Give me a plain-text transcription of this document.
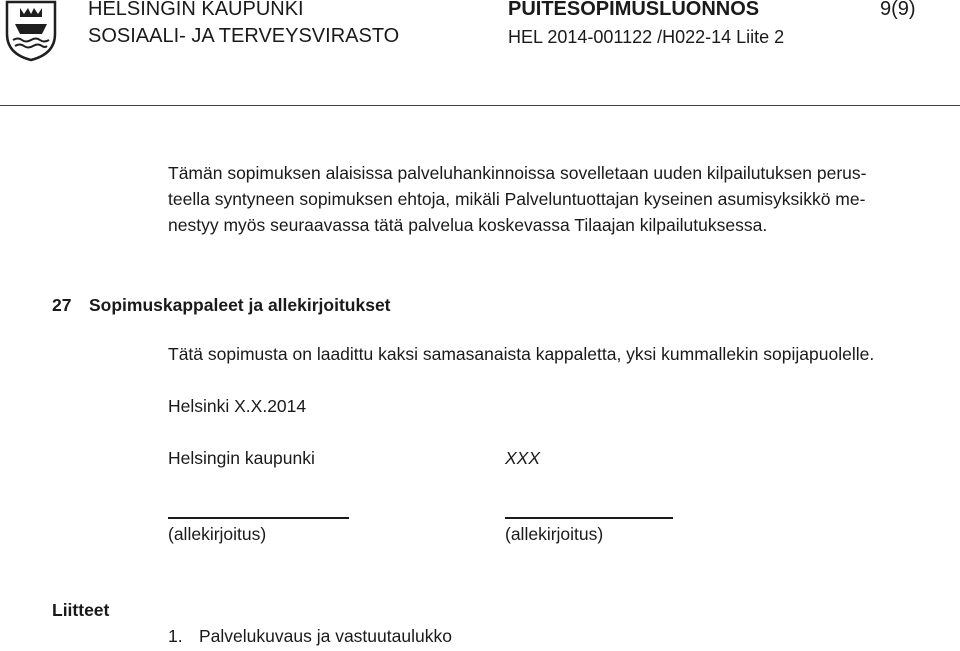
HELSINGIN KAUPUNKI
SOSIAALI- JA TERVEYSVIRASTO
PUITESOPIMUSLUONNOS
HEL 2014-001122 /H022-14 Liite 2
9(9)
Tämän sopimuksen alaisissa palveluhankinnoissa sovelletaan uuden kilpailutuksen perus-
teella syntyneen sopimuksen ehtoja, mikäli Palveluntuottajan kyseinen asumisyksikkö me-
nestyy myös seuraavassa tätä palvelua koskevassa Tilaajan kilpailutuksessa.
27 Sopimuskappaleet ja allekirjoitukset
Tätä sopimusta on laadittu kaksi samasanaista kappaletta, yksi kummallekin sopijapuolelle.
Helsinki X.X.2014
Helsingin kaupunki	XXX
(allekirjoitus)	(allekirjoitus)
Liitteet
1. Palvelukuvaus ja vastuutaulukko
